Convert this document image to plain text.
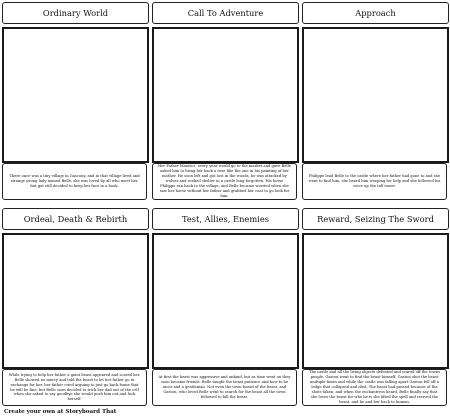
Ordinary World
There once was a tiny village in Gascony, and in that village lived and strange young lady named Belle, she was loved by all who meet her, but got still decided to keep her face in a book.
Call To Adventure
Her Father Maurice, every year would go to the market and gave Belle asked him to bring her back a rose like the one in his painting of her mother. He soon left and got lost in the woods, he was attacked by wolves and seeked shelter in a castle long forgotten. His horse Philippe ran back to the village, and Belle became worried when she saw her horse without her father and grabbed her coat to go look for him.
Approach
Philippe lead Belle to the castle where her father had gone to and she went to find him, she heard him weeping for help and she followed his voice up the tall tower.
Ordeal, Death & Rebirth
While trying to help her father a giant beast appeared and scared her. Belle showed no mercy and told the beast to let her father go in exchange for her, her father cried arguing to just go back home that he will be fine, but Belle soon decided to trick her dad out of the cell when she asked to say goodbye she would push him out and lock herself.
Test, Allies, Enemies
At first the beast was aggressive and unkind, but as time went on they soon became friends. Belle taught the beast patience and how to be nicer and a gentleman. Not even the town heard of the beast, and Gaston, who loved Belle went to search for the beast all the town followed to kill the beast.
Reward, Seizing The Sword
The castle and all the living objects defeated and scared off the towns people, Gaston went to find the beast himself. Gaston shot the beast multiple times and while the castle was falling apart Gaston fell off a ledge that collapsed and died. The beast had passed because of the shots taken, and when the enchantress heard, Belle finally say that she loves the beast for who he is she lifted the spell and revived the beast, and he and her back to human.
Create your own at Storyboard That
